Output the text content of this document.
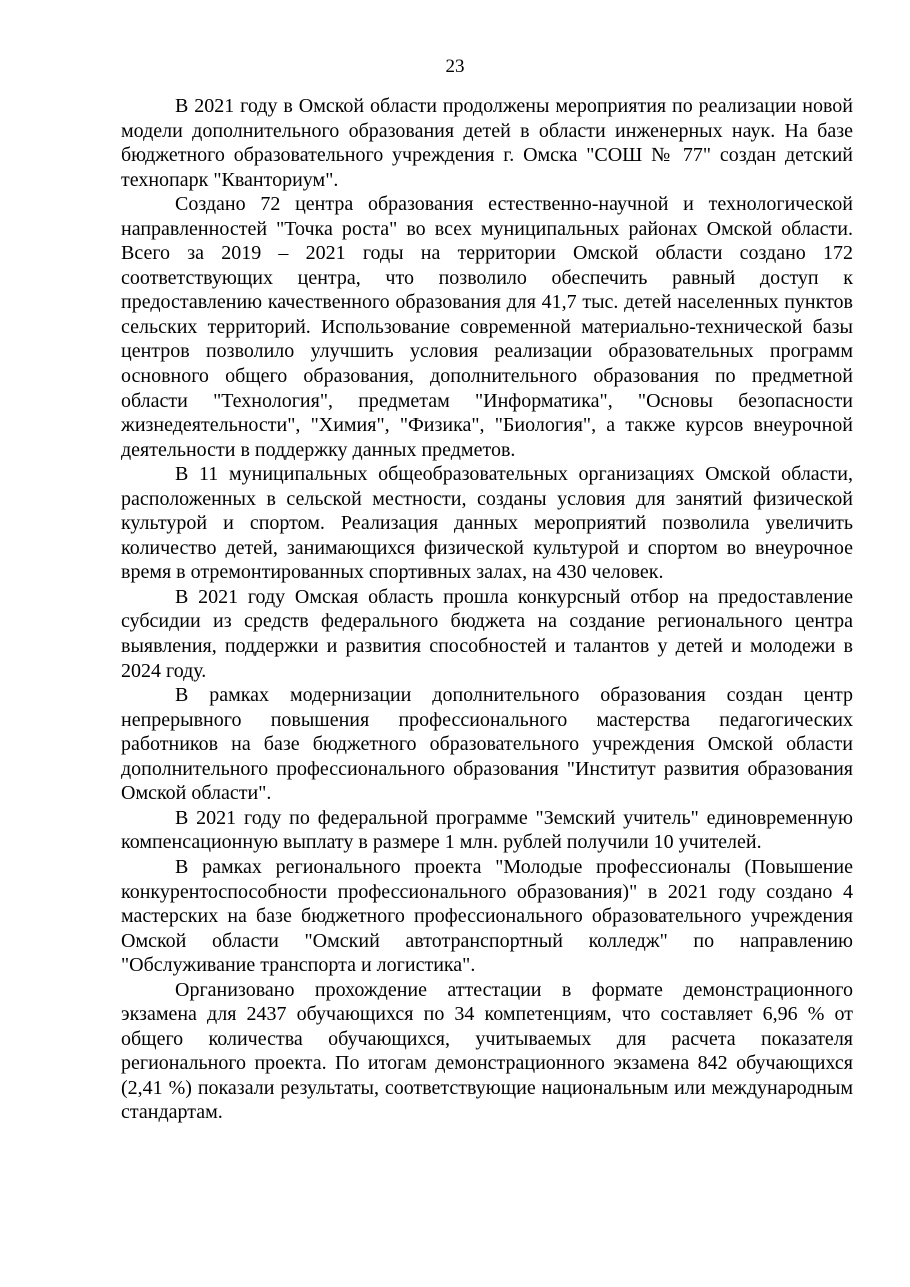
23

В 2021 году в Омской области продолжены мероприятия по реализации новой модели дополнительного образования детей в области инженерных наук. На базе бюджетного образовательного учреждения г. Омска "СОШ № 77" создан детский технопарк "Кванториум".

Создано 72 центра образования естественно-научной и технологической направленностей "Точка роста" во всех муниципальных районах Омской области. Всего за 2019 – 2021 годы на территории Омской области создано 172 соответствующих центра, что позволило обеспечить равный доступ к предоставлению качественного образования для 41,7 тыс. детей населенных пунктов сельских территорий. Использование современной материально-технической базы центров позволило улучшить условия реализации образовательных программ основного общего образования, дополнительного образования по предметной области "Технология", предметам "Информатика", "Основы безопасности жизнедеятельности", "Химия", "Физика", "Биология", а также курсов внеурочной деятельности в поддержку данных предметов.

В 11 муниципальных общеобразовательных организациях Омской области, расположенных в сельской местности, созданы условия для занятий физической культурой и спортом. Реализация данных мероприятий позволила увеличить количество детей, занимающихся физической культурой и спортом во внеурочное время в отремонтированных спортивных залах, на 430 человек.

В 2021 году Омская область прошла конкурсный отбор на предоставление субсидии из средств федерального бюджета на создание регионального центра выявления, поддержки и развития способностей и талантов у детей и молодежи в 2024 году.

В рамках модернизации дополнительного образования создан центр непрерывного повышения профессионального мастерства педагогических работников на базе бюджетного образовательного учреждения Омской области дополнительного профессионального образования "Институт развития образования Омской области".

В 2021 году по федеральной программе "Земский учитель" единовременную компенсационную выплату в размере 1 млн. рублей получили 10 учителей.

В рамках регионального проекта "Молодые профессионалы (Повышение конкурентоспособности профессионального образования)" в 2021 году создано 4 мастерских на базе бюджетного профессионального образовательного учреждения Омской области "Омский автотранспортный колледж" по направлению "Обслуживание транспорта и логистика".

Организовано прохождение аттестации в формате демонстрационного экзамена для 2437 обучающихся по 34 компетенциям, что составляет 6,96 % от общего количества обучающихся, учитываемых для расчета показателя регионального проекта. По итогам демонстрационного экзамена 842 обучающихся (2,41 %) показали результаты, соответствующие национальным или международным стандартам.
